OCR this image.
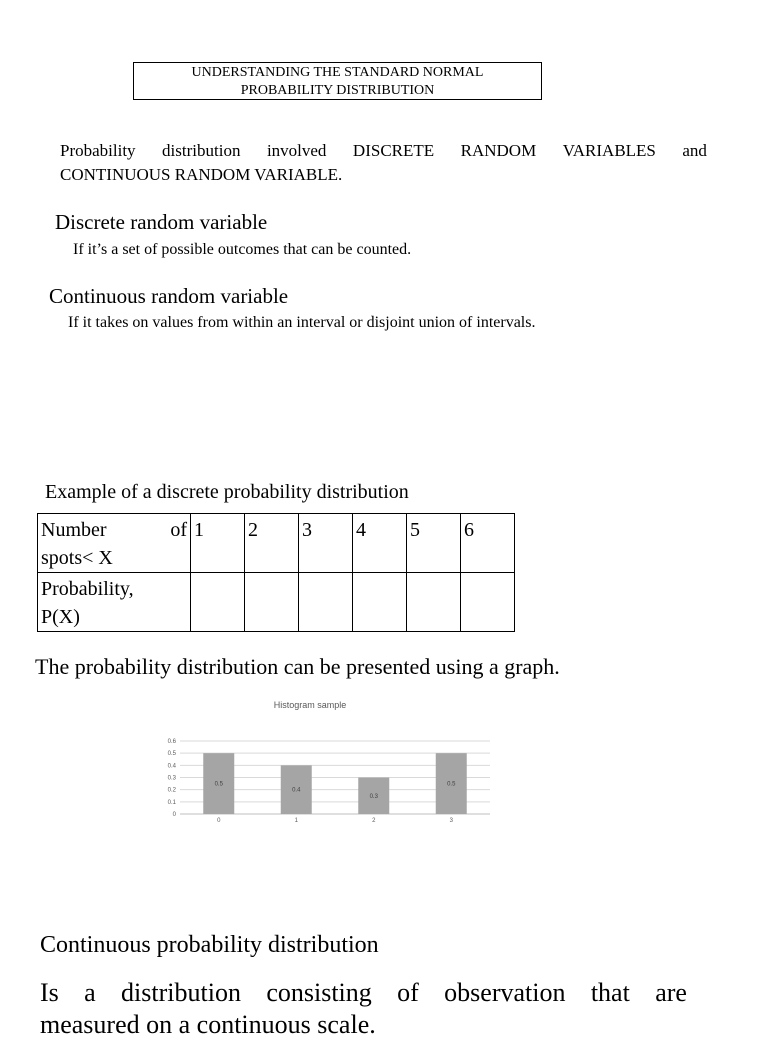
UNDERSTANDING THE STANDARD NORMAL
PROBABILITY DISTRIBUTION
Probability distribution involved DISCRETE RANDOM VARIABLES and
CONTINUOUS RANDOM VARIABLE.
Discrete random variable
If it’s a set of possible outcomes that can be counted.
Continuous random variable
If it takes on values from within an interval or disjoint union of intervals.
Example of a discrete probability distribution
Number of
spots< X	1	2	3	4	5	6

Probability,
P(X)						

The probability distribution can be presented using a graph.
Histogram sample
0
0.1
0.2
0.3
0.4
0.5
0.6
0.5
0
0.4
1
0.3
2
0.5
3
Continuous probability distribution
Is a distribution consisting of observation that are
measured on a continuous scale.
